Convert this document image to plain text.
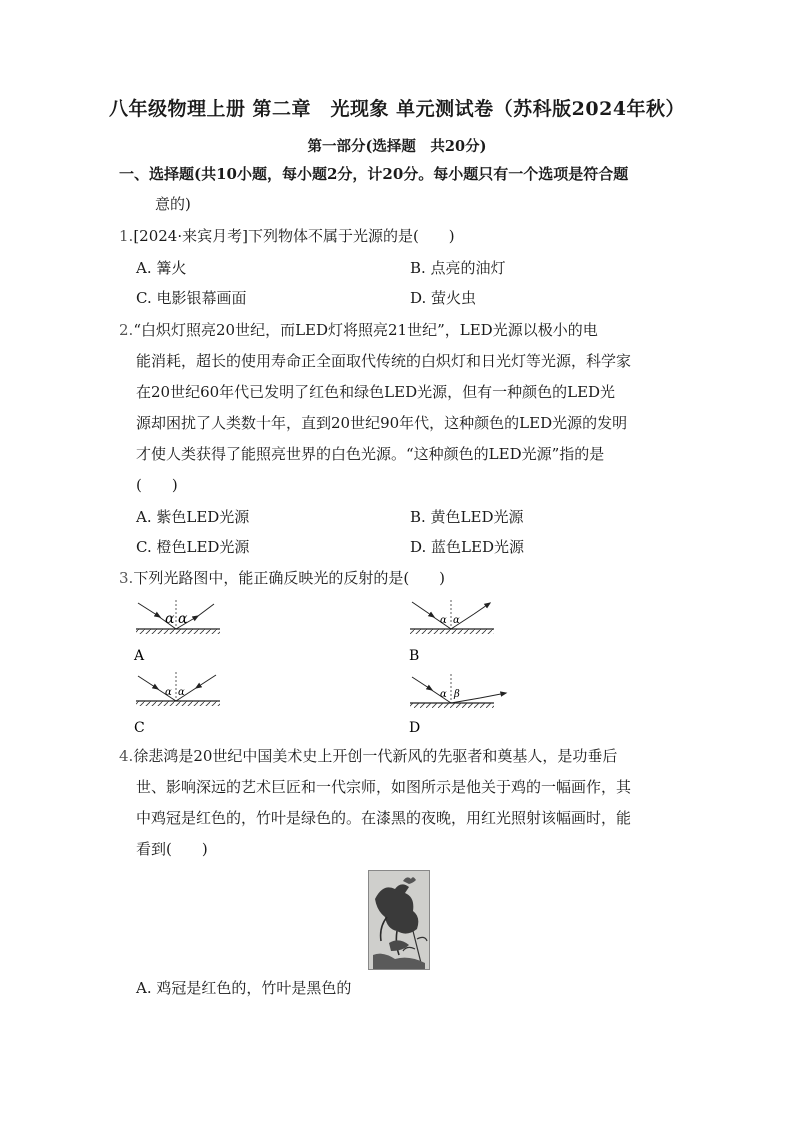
八年级物理上册 第二章　光现象 单元测试卷（苏科版2024年秋）
第一部分(选择题　共20分)
一、选择题(共10小题，每小题2分，计20分。每小题只有一个选项是符合题
意的)
1.[2024·来宾月考]下列物体不属于光源的是(　　)
A. 篝火	B. 点亮的油灯
C. 电影银幕画面	D. 萤火虫
2.“白炽灯照亮20世纪，而LED灯将照亮21世纪”，LED光源以极小的电
能消耗，超长的使用寿命正全面取代传统的白炽灯和日光灯等光源，科学家
在20世纪60年代已发明了红色和绿色LED光源，但有一种颜色的LED光
源却困扰了人类数十年，直到20世纪90年代，这种颜色的LED光源的发明
才使人类获得了能照亮世界的白色光源。“这种颜色的LED光源”指的是
(　　)
A. 紫色LED光源	B. 黄色LED光源
C. 橙色LED光源	D. 蓝色LED光源
3.下列光路图中，能正确反映光的反射的是(　　)
α α
A
α α
B
α α
C
α β
D
4.徐悲鸿是20世纪中国美术史上开创一代新风的先驱者和奠基人，是功垂后
世、影响深远的艺术巨匠和一代宗师，如图所示是他关于鸡的一幅画作，其
中鸡冠是红色的，竹叶是绿色的。在漆黑的夜晚，用红光照射该幅画时，能
看到(　　)
A. 鸡冠是红色的，竹叶是黑色的
